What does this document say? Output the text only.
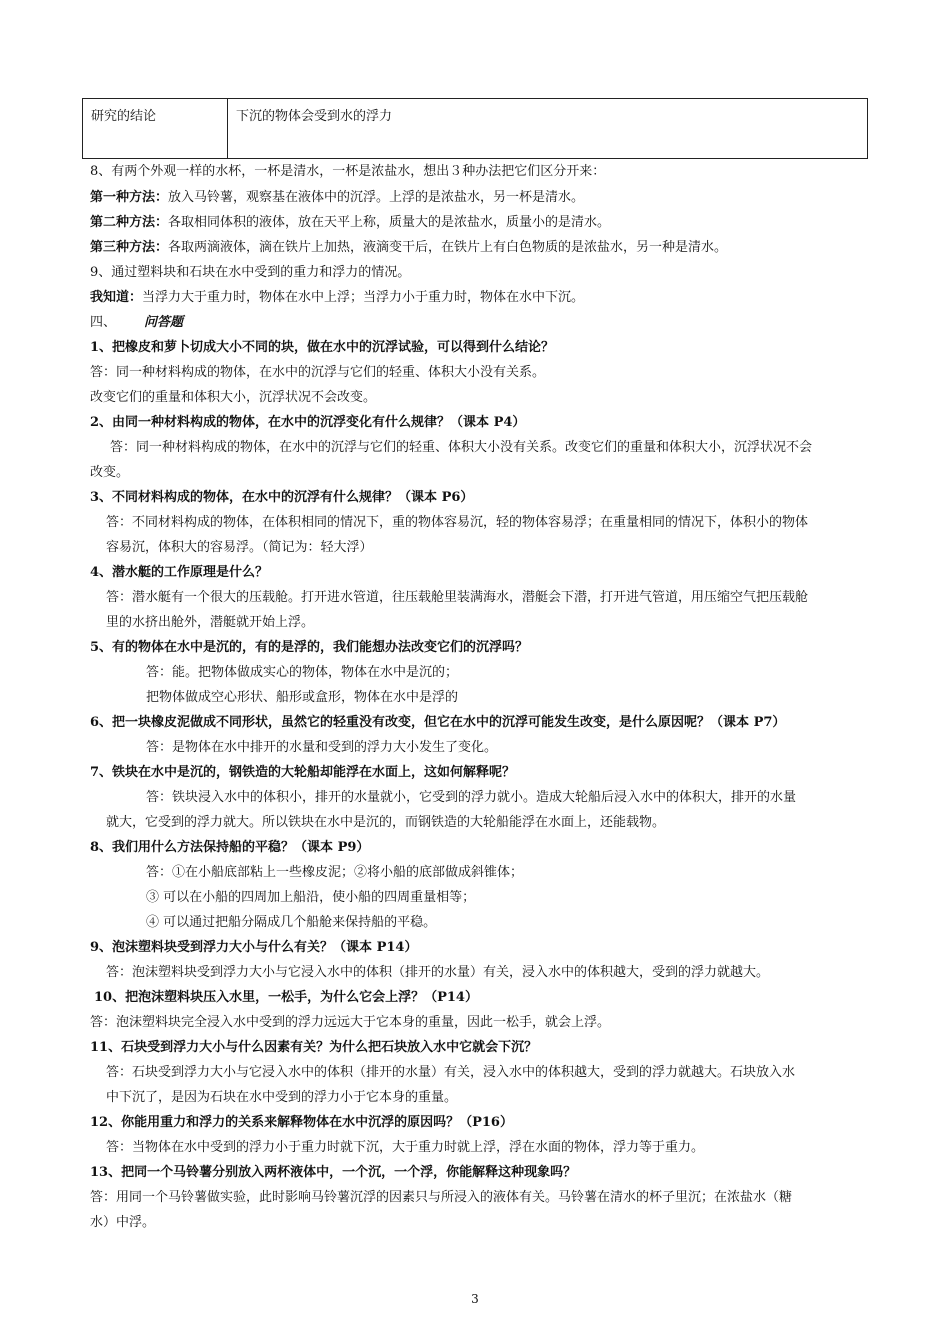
研究的结论	下沉的物体会受到水的浮力
8、有两个外观一样的水杯，一杯是清水，一杯是浓盐水，想出３种办法把它们区分开来：
第一种方法：放入马铃薯，观察基在液体中的沉浮。上浮的是浓盐水，另一杯是清水。
第二种方法：各取相同体积的液体，放在天平上称，质量大的是浓盐水，质量小的是清水。
第三种方法：各取两滴液体，滴在铁片上加热，液滴变干后，在铁片上有白色物质的是浓盐水，另一种是清水。
9、通过塑料块和石块在水中受到的重力和浮力的情况。
我知道：当浮力大于重力时，物体在水中上浮；当浮力小于重力时，物体在水中下沉。
四、 问答题
1、把橡皮和萝卜切成大小不同的块，做在水中的沉浮试验，可以得到什么结论？
答：同一种材料构成的物体，在水中的沉浮与它们的轻重、体积大小没有关系。
改变它们的重量和体积大小，沉浮状况不会改变。
2、由同一种材料构成的物体，在水中的沉浮变化有什么规律？（课本 P4）
答：同一种材料构成的物体，在水中的沉浮与它们的轻重、体积大小没有关系。改变它们的重量和体积大小，沉浮状况不会
改变。
3、不同材料构成的物体，在水中的沉浮有什么规律？（课本 P6）
答：不同材料构成的物体，在体积相同的情况下，重的物体容易沉，轻的物体容易浮；在重量相同的情况下，体积小的物体
容易沉，体积大的容易浮。（简记为：轻大浮）
4、潜水艇的工作原理是什么？
答：潜水艇有一个很大的压载舱。打开进水管道，往压载舱里装满海水，潜艇会下潜，打开进气管道，用压缩空气把压载舱
里的水挤出舱外，潜艇就开始上浮。
5、有的物体在水中是沉的，有的是浮的，我们能想办法改变它们的沉浮吗？
答：能。把物体做成实心的物体，物体在水中是沉的；
把物体做成空心形状、船形或盒形，物体在水中是浮的
6、把一块橡皮泥做成不同形状，虽然它的轻重没有改变，但它在水中的沉浮可能发生改变，是什么原因呢？（课本 P7）
答：是物体在水中排开的水量和受到的浮力大小发生了变化。
7、铁块在水中是沉的，钢铁造的大轮船却能浮在水面上，这如何解释呢？
答：铁块浸入水中的体积小，排开的水量就小，它受到的浮力就小。造成大轮船后浸入水中的体积大，排开的水量
就大，它受到的浮力就大。所以铁块在水中是沉的，而钢铁造的大轮船能浮在水面上，还能载物。
8、我们用什么方法保持船的平稳？（课本 P9）
答：①在小船底部粘上一些橡皮泥；②将小船的底部做成斜锥体；
③ 可以在小船的四周加上船沿，使小船的四周重量相等；
④ 可以通过把船分隔成几个船舱来保持船的平稳。
9、泡沫塑料块受到浮力大小与什么有关？（课本 P14）
答：泡沫塑料块受到浮力大小与它浸入水中的体积（排开的水量）有关，浸入水中的体积越大，受到的浮力就越大。
10、把泡沫塑料块压入水里，一松手，为什么它会上浮？（P14）
答：泡沫塑料块完全浸入水中受到的浮力远远大于它本身的重量，因此一松手，就会上浮。
11、石块受到浮力大小与什么因素有关？为什么把石块放入水中它就会下沉？
答：石块受到浮力大小与它浸入水中的体积（排开的水量）有关，浸入水中的体积越大，受到的浮力就越大。石块放入水
中下沉了，是因为石块在水中受到的浮力小于它本身的重量。
12、你能用重力和浮力的关系来解释物体在水中沉浮的原因吗？（P16）
答：当物体在水中受到的浮力小于重力时就下沉，大于重力时就上浮，浮在水面的物体，浮力等于重力。
13、把同一个马铃薯分别放入两杯液体中，一个沉，一个浮，你能解释这种现象吗？
答：用同一个马铃薯做实验，此时影响马铃薯沉浮的因素只与所浸入的液体有关。马铃薯在清水的杯子里沉；在浓盐水（糖
水）中浮。
3
